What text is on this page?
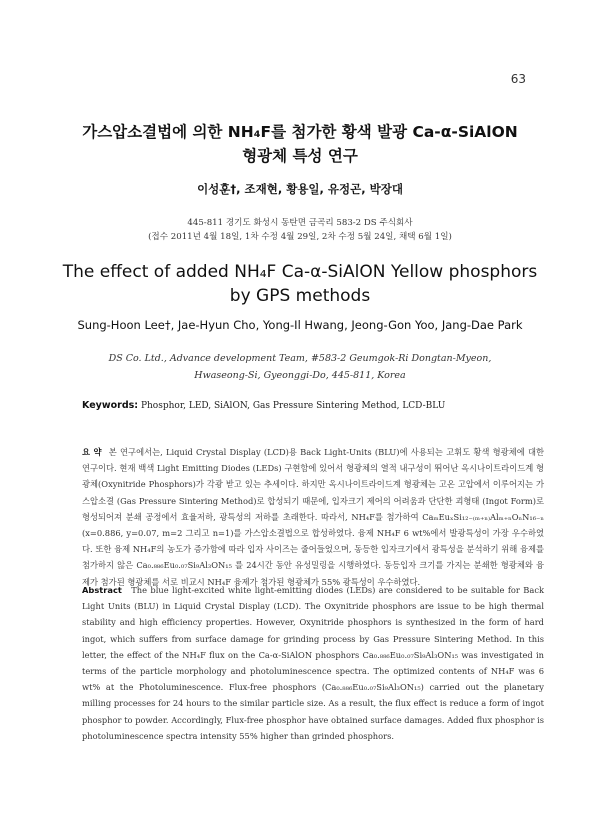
63
가스압소결법에 의한 NH₄F를 첨가한 황색 발광 Ca-α-SiAlON
형광체 특성 연구
이성훈†, 조재현, 황용일, 유정곤, 박장대
445-811 경기도 화성시 동탄면 금곡리 583-2 DS 주식회사
(접수 2011년 4월 18일, 1차 수정 4월 29일, 2차 수정 5월 24일, 채택 6월 1일)
The effect of added NH₄F Ca-α-SiAlON Yellow phosphors
by GPS methods
Sung-Hoon Lee†, Jae-Hyun Cho, Yong-Il Hwang, Jeong-Gon Yoo, Jang-Dae Park
DS Co. Ltd., Advance development Team, #583-2 Geumgok-Ri Dongtan-Myeon,
Hwaseong-Si, Gyeonggi-Do, 445-811, Korea
Keywords: Phosphor, LED, SiAlON, Gas Pressure Sintering Method, LCD-BLU
요 약 본 연구에서는, Liquid Crystal Display (LCD)용 Back Light-Units (BLU)에 사용되는 고휘도 황색 형광체에 대한 연구이다. 현재 백색 Light Emitting Diodes (LEDs) 구현함에 있어서 형광체의 열적 내구성이 뛰어난 옥시나이트라이드계 형광체(Oxynitride Phosphors)가 각광 받고 있는 추세이다. 하지만 옥시나이트라이드계 형광체는 고온 고압에서 이루어지는 가스압소결 (Gas Pressure Sintering Method)로 합성되기 때문에, 입자크기 제어의 어려움과 단단한 괴형태 (Ingot Form)로 형성되어져 분쇄 공정에서 효율저하, 광특성의 저하를 초래한다. 따라서, NH₄F를 첨가하여 CaₘEuₓSi₁₂₋₍ₘ₊ₙ₎Alₘ₊ₙOₙN₁₆₋ₙ (x=0.886, y=0.07, m=2 그리고 n=1)를 가스압소결법으로 합성하였다. 융제 NH₄F 6 wt%에서 발광특성이 가장 우수하였다. 또한 융제 NH₄F의 농도가 증가함에 따라 입자 사이즈는 줄어들었으며, 동등한 입자크기에서 광특성을 분석하기 위해 융제를 첨가하지 않은 Ca₀.₈₈₆Eu₀.₀₇Si₉Al₃ON₁₅ 를 24시간 동안 유성밀링을 시행하였다. 동등입자 크기를 가지는 분쇄한 형광체와 융제가 첨가된 형광체를 서로 비교시 NH₄F 융제가 첨가된 형광체가 55% 광특성이 우수하였다.
Abstract The blue light-excited white light-emitting diodes (LEDs) are considered to be suitable for Back Light Units (BLU) in Liquid Crystal Display (LCD). The Oxynitride phosphors are issue to be high thermal stability and high efficiency properties. However, Oxynitride phosphors is synthesized in the form of hard ingot, which suffers from surface damage for grinding process by Gas Pressure Sintering Method. In this letter, the effect of the NH₄F flux on the Ca-α-SiAlON phosphors Ca₀.₈₈₆Eu₀.₀₇Si₉Al₃ON₁₅ was investigated in terms of the particle morphology and photoluminescence spectra. The optimized contents of NH₄F was 6 wt% at the Photoluminescence. Flux-free phosphors (Ca₀.₈₈₆Eu₀.₀₇Si₉Al₃ON₁₅) carried out the planetary milling processes for 24 hours to the similar particle size. As a result, the flux effect is reduce a form of ingot phosphor to powder. Accordingly, Flux-free phosphor have obtained surface damages. Added flux phosphor is photoluminescence spectra intensity 55% higher than grinded phosphors.
